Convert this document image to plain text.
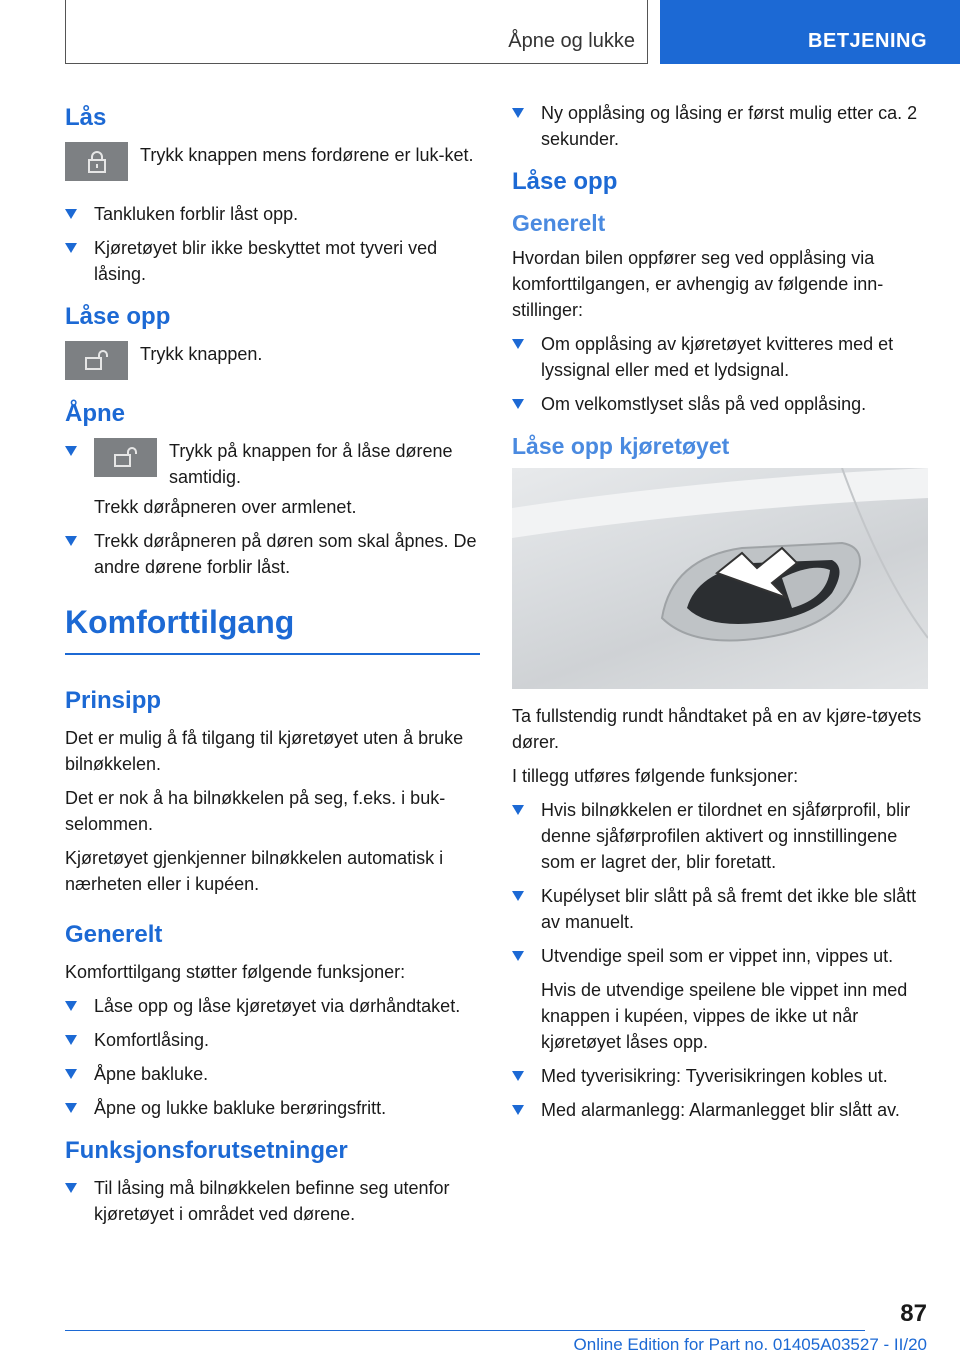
Åpne og lukke	BETJENING
Lås
Trykk knappen mens fordørene er luk-ket.
Tankluken forblir låst opp.
Kjøretøyet blir ikke beskyttet mot tyveri ved låsing.
Låse opp
Trykk knappen.
Åpne
Trykk på knappen for å låse dørene samtidig.
Trekk døråpneren over armlenet.
Trekk døråpneren på døren som skal åpnes. De andre dørene forblir låst.
Komforttilgang
Prinsipp

Det er mulig å få tilgang til kjøretøyet uten å bruke bilnøkkelen.

Det er nok å ha bilnøkkelen på seg, f.eks. i buk-selommen.

Kjøretøyet gjenkjenner bilnøkkelen automatisk i nærheten eller i kupéen.

Generelt

Komforttilgang støtter følgende funksjoner:

Låse opp og låse kjøretøyet via dørhåndtaket.
Komfortlåsing.
Åpne bakluke.
Åpne og lukke bakluke berøringsfritt.
Funksjonsforutsetninger
Til låsing må bilnøkkelen befinne seg utenfor kjøretøyet i området ved dørene.
Ny opplåsing og låsing er først mulig etter ca. 2 sekunder.
Låse opp
Generelt

Hvordan bilen oppfører seg ved opplåsing via komforttilgangen, er avhengig av følgende inn-stillinger:

Om opplåsing av kjøretøyet kvitteres med et lyssignal eller med et lydsignal.
Om velkomstlyset slås på ved opplåsing.
Låse opp kjøretøyet

Ta fullstendig rundt håndtaket på en av kjøre-tøyets dører.

I tillegg utføres følgende funksjoner:

Hvis bilnøkkelen er tilordnet en sjåførprofil, blir denne sjåførprofilen aktivert og innstillingene som er lagret der, blir foretatt.
Kupélyset blir slått på så fremt det ikke ble slått av manuelt.
Utvendige speil som er vippet inn, vippes ut.
Hvis de utvendige speilene ble vippet inn med knappen i kupéen, vippes de ikke ut når kjøretøyet låses opp.
Med tyverisikring: Tyverisikringen kobles ut.
Med alarmanlegg: Alarmanlegget blir slått av.
87
Online Edition for Part no. 01405A03527 - II/20
